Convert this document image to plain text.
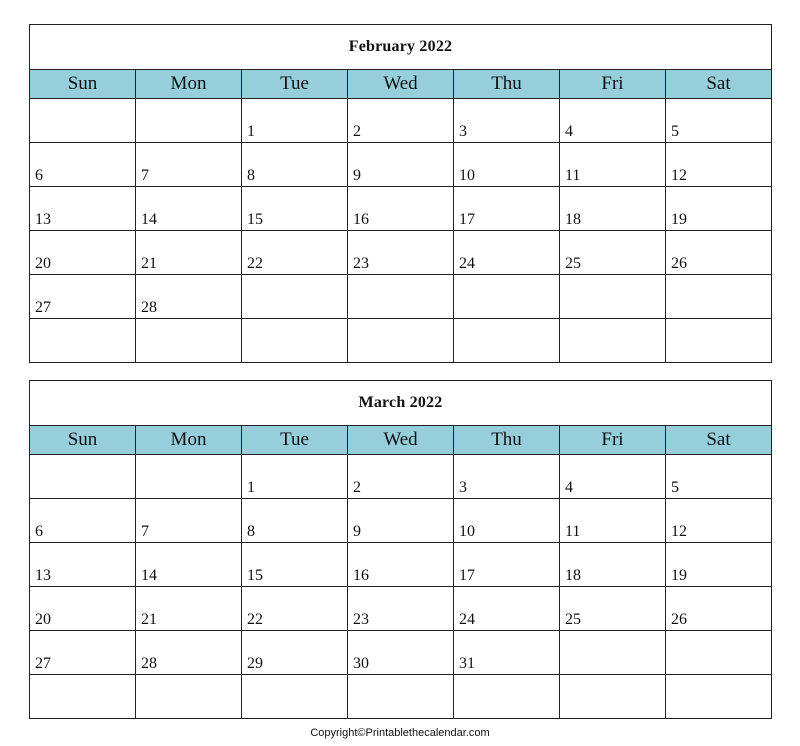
February 2022						
Sun	Mon	Tue	Wed	Thu	Fri	Sat

		1	2	3	4	5

6	7	8	9	10	11	12

13	14	15	16	17	18	19

20	21	22	23	24	25	26

27	28					

March 2022						
Sun	Mon	Tue	Wed	Thu	Fri	Sat

		1	2	3	4	5

6	7	8	9	10	11	12

13	14	15	16	17	18	19

20	21	22	23	24	25	26

27	28	29	30	31		

Copyright©Printablethecalendar.com
